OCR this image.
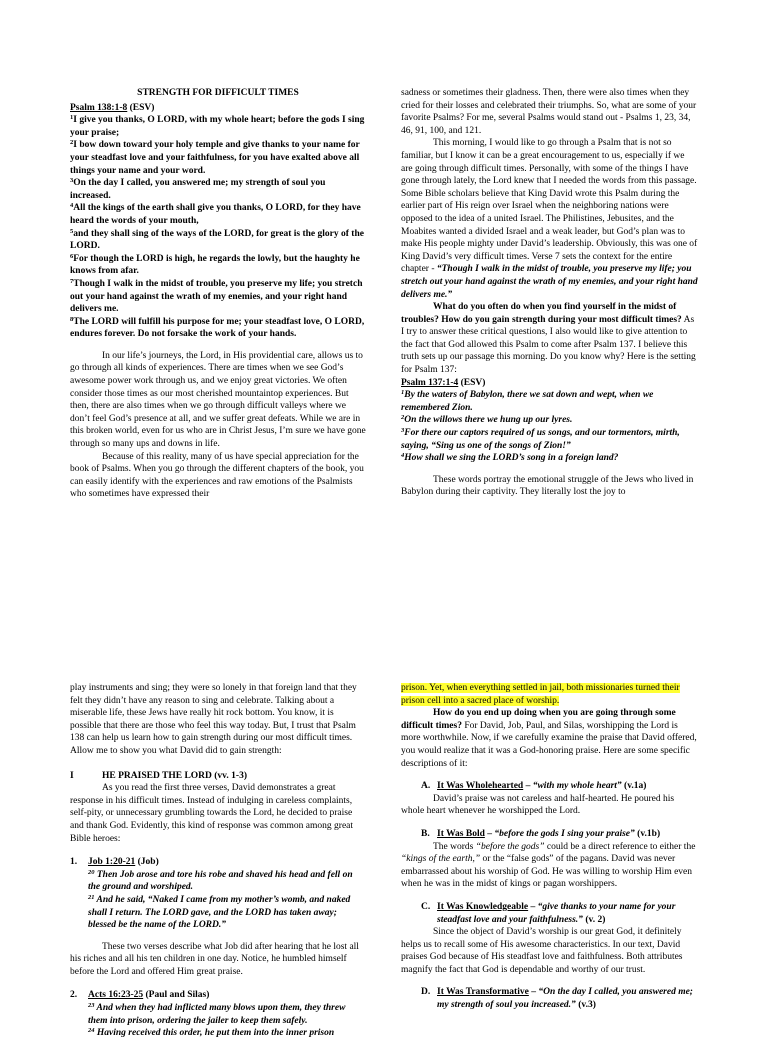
STRENGTH FOR DIFFICULT TIMES
Psalm 138:1-8 (ESV)
$^1$I give you thanks, O LORD, with my whole heart; before the gods I sing your praise;
$^2$I bow down toward your holy temple and give thanks to your name for your steadfast love and your faithfulness, for you have exalted above all things your name and your word.
$^3$On the day I called, you answered me; my strength of soul you increased.
$^4$All the kings of the earth shall give you thanks, O LORD, for they have heard the words of your mouth,
$^5$and they shall sing of the ways of the LORD, for great is the glory of the LORD.
$^6$For though the LORD is high, he regards the lowly, but the haughty he knows from afar.
$^7$Though I walk in the midst of trouble, you preserve my life; you stretch out your hand against the wrath of my enemies, and your right hand delivers me.
$^8$The LORD will fulfill his purpose for me; your steadfast love, O LORD, endures forever. Do not forsake the work of your hands.

In our life’s journeys, the Lord, in His providential care, allows us to go through all kinds of experiences. There are times when we see God’s awesome power work through us, and we enjoy great victories. We often consider those times as our most cherished mountaintop experiences. But then, there are also times when we go through difficult valleys where we don’t feel God’s presence at all, and we suffer great defeats. While we are in this broken world, even for us who are in Christ Jesus, I’m sure we have gone through so many ups and downs in life.

Because of this reality, many of us have special appreciation for the book of Psalms. When you go through the different chapters of the book, you can easily identify with the experiences and raw emotions of the Psalmists who sometimes have expressed their

sadness or sometimes their gladness. Then, there were also times when they cried for their losses and celebrated their triumphs. So, what are some of your favorite Psalms? For me, several Psalms would stand out - Psalms 1, 23, 34, 46, 91, 100, and 121.

This morning, I would like to go through a Psalm that is not so familiar, but I know it can be a great encouragement to us, especially if we are going through difficult times. Personally, with some of the things I have gone through lately, the Lord knew that I needed the words from this passage. Some Bible scholars believe that King David wrote this Psalm during the earlier part of His reign over Israel when the neighboring nations were opposed to the idea of a united Israel. The Philistines, Jebusites, and the Moabites wanted a divided Israel and a weak leader, but God’s plan was to make His people mighty under David’s leadership. Obviously, this was one of King David’s very difficult times. Verse 7 sets the context for the entire chapter - “Though I walk in the midst of trouble, you preserve my life; you stretch out your hand against the wrath of my enemies, and your right hand delivers me.”

What do you often do when you find yourself in the midst of troubles? How do you gain strength during your most difficult times? As I try to answer these critical questions, I also would like to give attention to the fact that God allowed this Psalm to come after Psalm 137. I believe this truth sets up our passage this morning. Do you know why? Here is the setting for Psalm 137:

Psalm 137:1-4 (ESV)
$^1$By the waters of Babylon, there we sat down and wept, when we remembered Zion.
$^2$On the willows there we hung up our lyres.
$^3$For there our captors required of us songs, and our tormentors, mirth, saying, “Sing us one of the songs of Zion!”
$^4$How shall we sing the LORD’s song in a foreign land?

These words portray the emotional struggle of the Jews who lived in Babylon during their captivity. They literally lost the joy to

play instruments and sing; they were so lonely in that foreign land that they felt they didn’t have any reason to sing and celebrate. Talking about a miserable life, these Jews have really hit rock bottom. You know, it is possible that there are those who feel this way today. But, I trust that Psalm 138 can help us learn how to gain strength during our most difficult times. Allow me to show you what David did to gain strength:

I	HE PRAISED THE LORD (vv. 1-3)

As you read the first three verses, David demonstrates a great response in his difficult times. Instead of indulging in careless complaints, self-pity, or unnecessary grumbling towards the Lord, he decided to praise and thank God. Evidently, this kind of response was common among great Bible heroes:

1.	Job 1:20-21 (Job)
$^{20}$ Then Job arose and tore his robe and shaved his head and fell on the ground and worshiped.
$^{21}$ And he said, “Naked I came from my mother’s womb, and naked shall I return. The LORD gave, and the LORD has taken away; blessed be the name of the LORD.”

These two verses describe what Job did after hearing that he lost all his riches and all his ten children in one day. Notice, he humbled himself before the Lord and offered Him great praise.

2.	Acts 16:23-25 (Paul and Silas)
$^{23}$ And when they had inflicted many blows upon them, they threw them into prison, ordering the jailer to keep them safely.
$^{24}$ Having received this order, he put them into the inner prison

prison. Yet, when everything settled in jail, both missionaries turned their prison cell into a sacred place of worship.

How do you end up doing when you are going through some difficult times? For David, Job, Paul, and Silas, worshipping the Lord is more worthwhile. Now, if we carefully examine the praise that David offered, you would realize that it was a God-honoring praise. Here are some specific descriptions of it:

A. It Was Wholehearted – “with my whole heart” (v.1a)

David’s praise was not careless and half-hearted. He poured his whole heart whenever he worshipped the Lord.

B. It Was Bold – “before the gods I sing your praise” (v.1b)

The words “before the gods” could be a direct reference to either the “kings of the earth,” or the “false gods” of the pagans. David was never embarrassed about his worship of God. He was willing to worship Him even when he was in the midst of kings or pagan worshippers.

C. It Was Knowledgeable – “give thanks to your name for your steadfast love and your faithfulness.” (v. 2)

Since the object of David’s worship is our great God, it definitely helps us to recall some of His awesome characteristics. In our text, David praises God because of His steadfast love and faithfulness. Both attributes magnify the fact that God is dependable and worthy of our trust.

D. It Was Transformative – “On the day I called, you answered me; my strength of soul you increased.” (v.3)
